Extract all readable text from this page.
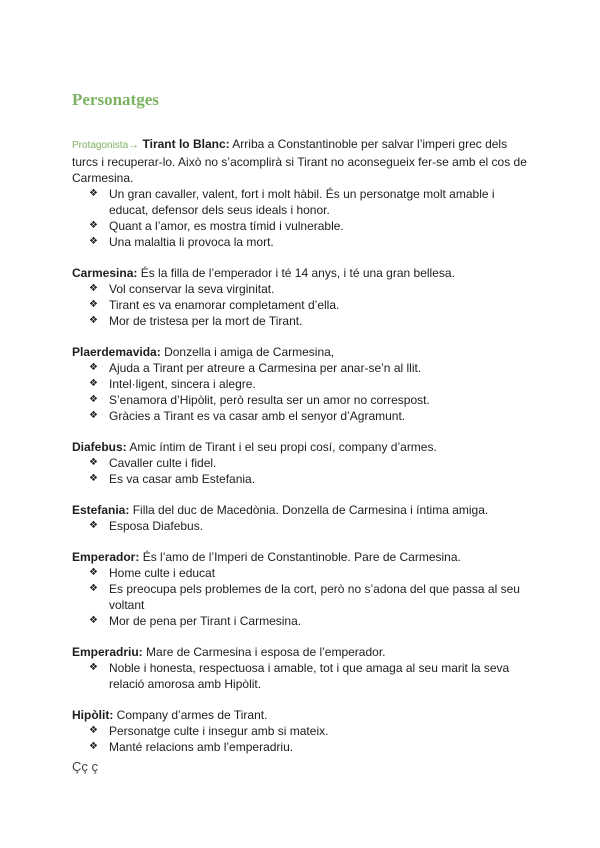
Personatges

Protagonista→ Tirant lo Blanc: Arriba a Constantinoble per salvar l’imperi grec dels turcs i recuperar-lo. Això no s’acomplirà si Tirant no aconsegueix fer-se amb el cos de Carmesina.

❖ Un gran cavaller, valent, fort i molt hàbil. És un personatge molt amable i educat, defensor dels seus ideals i honor.
❖ Quant a l’amor, es mostra tímid i vulnerable.
❖ Una malaltia li provoca la mort.

Carmesina: És la filla de l’emperador i té 14 anys, i té una gran bellesa.

❖ Vol conservar la seva virginitat.
❖ Tirant es va enamorar completament d’ella.
❖ Mor de tristesa per la mort de Tirant.

Plaerdemavida: Donzella i amiga de Carmesina,

❖ Ajuda a Tirant per atreure a Carmesina per anar-se’n al llit.
❖ Intel·ligent, sincera i alegre.
❖ S’enamora d’Hipòlit, però resulta ser un amor no correspost.
❖ Gràcies a Tirant es va casar amb el senyor d’Agramunt.

Diafebus: Amic íntim de Tirant i el seu propi cosí, company d’armes.

❖ Cavaller culte i fidel.
❖ Es va casar amb Estefania.

Estefania: Filla del duc de Macedònia. Donzella de Carmesina i íntima amiga.

❖ Esposa Diafebus.

Emperador: És l’amo de l’Imperi de Constantinoble. Pare de Carmesina.

❖ Home culte i educat
❖ Es preocupa pels problemes de la cort, però no s’adona del que passa al seu voltant
❖ Mor de pena per Tirant i Carmesina.

Emperadriu: Mare de Carmesina i esposa de l’emperador.

❖ Noble i honesta, respectuosa i amable, tot i que amaga al seu marit la seva relació amorosa amb Hipòlit.

Hipòlit: Company d’armes de Tirant.

❖ Personatge culte i insegur amb si mateix.
❖ Manté relacions amb l’emperadriu.

Çç ç
